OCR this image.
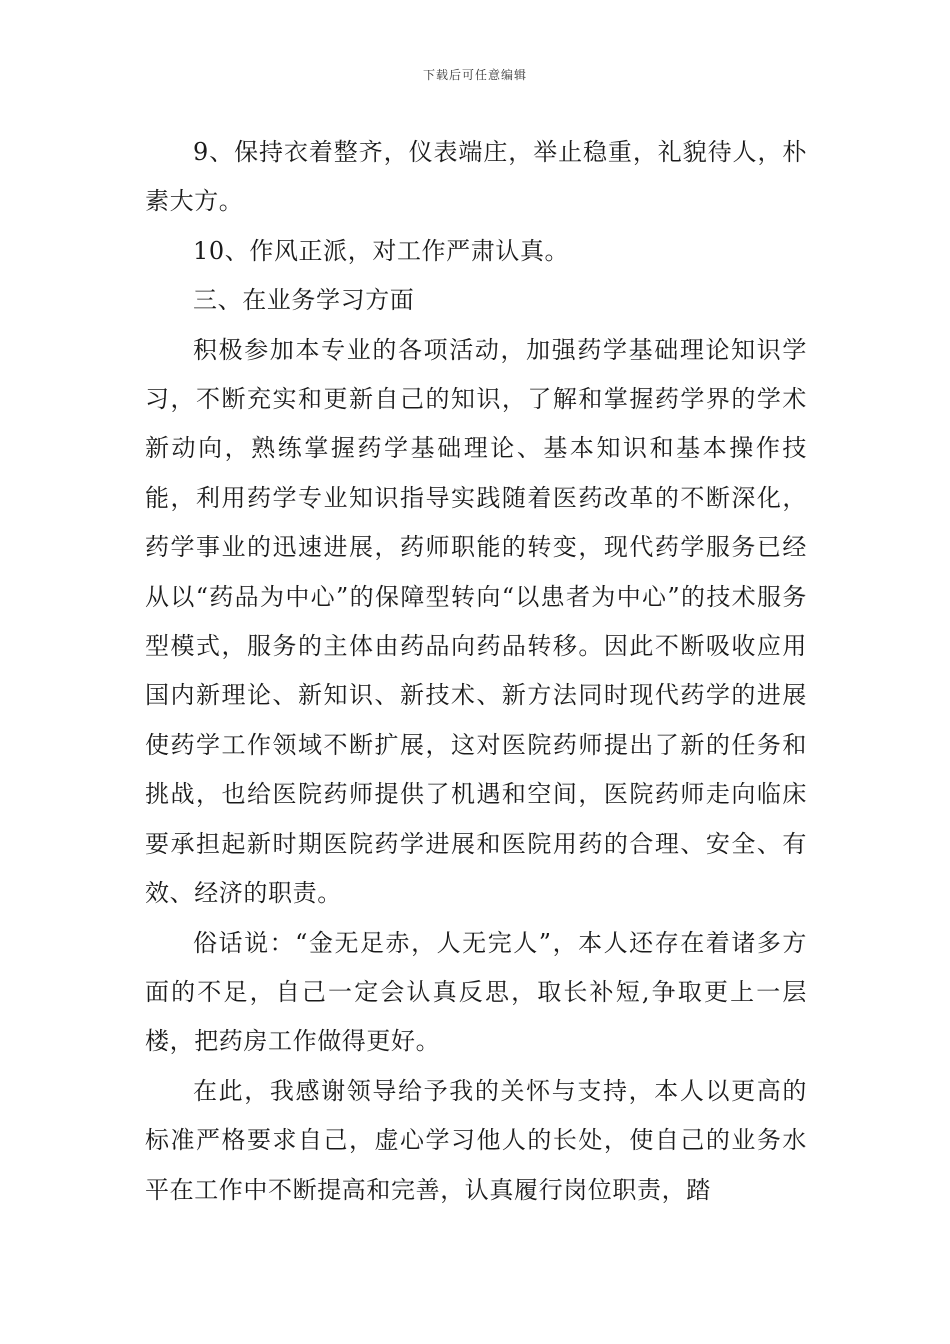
下载后可任意编辑

9、保持衣着整齐，仪表端庄，举止稳重，礼貌待人，朴素大方。

10、作风正派，对工作严肃认真。

三、在业务学习方面

积极参加本专业的各项活动，加强药学基础理论知识学习，不断充实和更新自己的知识，了解和掌握药学界的学术新动向，熟练掌握药学基础理论、基本知识和基本操作技能，利用药学专业知识指导实践随着医药改革的不断深化，药学事业的迅速进展，药师职能的转变，现代药学服务已经从以“药品为中心”的保障型转向“以患者为中心”的技术服务型模式，服务的主体由药品向药品转移。因此不断吸收应用国内新理论、新知识、新技术、新方法同时现代药学的进展使药学工作领域不断扩展，这对医院药师提出了新的任务和挑战，也给医院药师提供了机遇和空间，医院药师走向临床要承担起新时期医院药学进展和医院用药的合理、安全、有效、经济的职责。

俗话说：“金无足赤，人无完人”，本人还存在着诸多方面的不足，自己一定会认真反思，取长补短,争取更上一层楼，把药房工作做得更好。

在此，我感谢领导给予我的关怀与支持，本人以更高的标准严格要求自己，虚心学习他人的长处，使自己的业务水平在工作中不断提高和完善，认真履行岗位职责，踏
